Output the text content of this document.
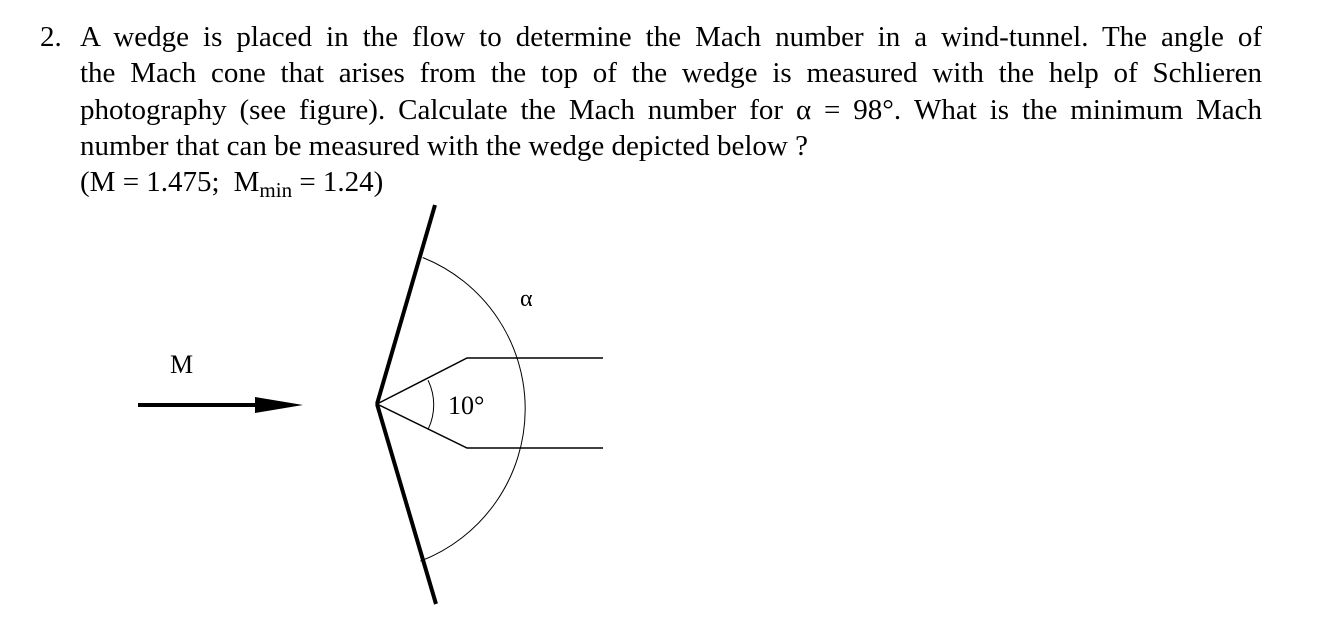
2. A wedge is placed in the flow to determine the Mach number in a wind-tunnel. The angle of
the Mach cone that arises from the top of the wedge is measured with the help of Schlieren
photography (see figure). Calculate the Mach number for α = 98°. What is the minimum Mach
number that can be measured with the wedge depicted below ?
(M = 1.475; $M_{min} = 1.24$)
M
α
10°
